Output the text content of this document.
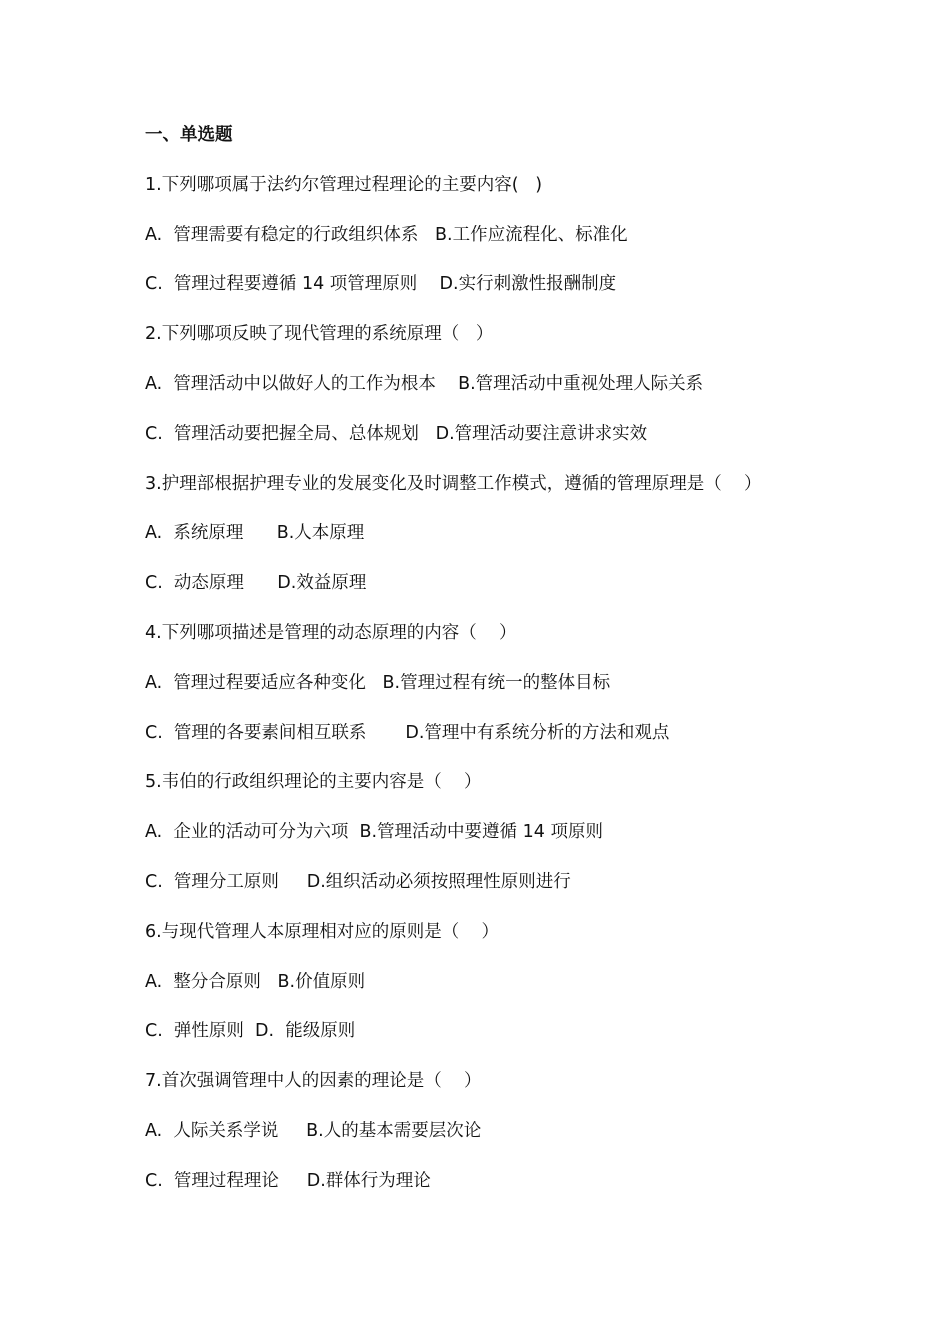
一、单选题
1.下列哪项属于法约尔管理过程理论的主要内容(   )
A.  管理需要有稳定的行政组织体系   B.工作应流程化、标准化
C.  管理过程要遵循 14 项管理原则    D.实行刺激性报酬制度
2.下列哪项反映了现代管理的系统原理（   ）
A.  管理活动中以做好人的工作为根本    B.管理活动中重视处理人际关系
C.  管理活动要把握全局、总体规划   D.管理活动要注意讲求实效
3.护理部根据护理专业的发展变化及时调整工作模式，遵循的管理原理是（    ）
A.  系统原理      B.人本原理
C.  动态原理      D.效益原理
4.下列哪项描述是管理的动态原理的内容（    ）
A.  管理过程要适应各种变化   B.管理过程有统一的整体目标
C.  管理的各要素间相互联系       D.管理中有系统分析的方法和观点
5.韦伯的行政组织理论的主要内容是（    ）
A.  企业的活动可分为六项  B.管理活动中要遵循 14 项原则
C.  管理分工原则     D.组织活动必须按照理性原则进行
6.与现代管理人本原理相对应的原则是（    ）
A.  整分合原则   B.价值原则
C.  弹性原则  D.  能级原则
7.首次强调管理中人的因素的理论是（    ）
A.  人际关系学说     B.人的基本需要层次论
C.  管理过程理论     D.群体行为理论
